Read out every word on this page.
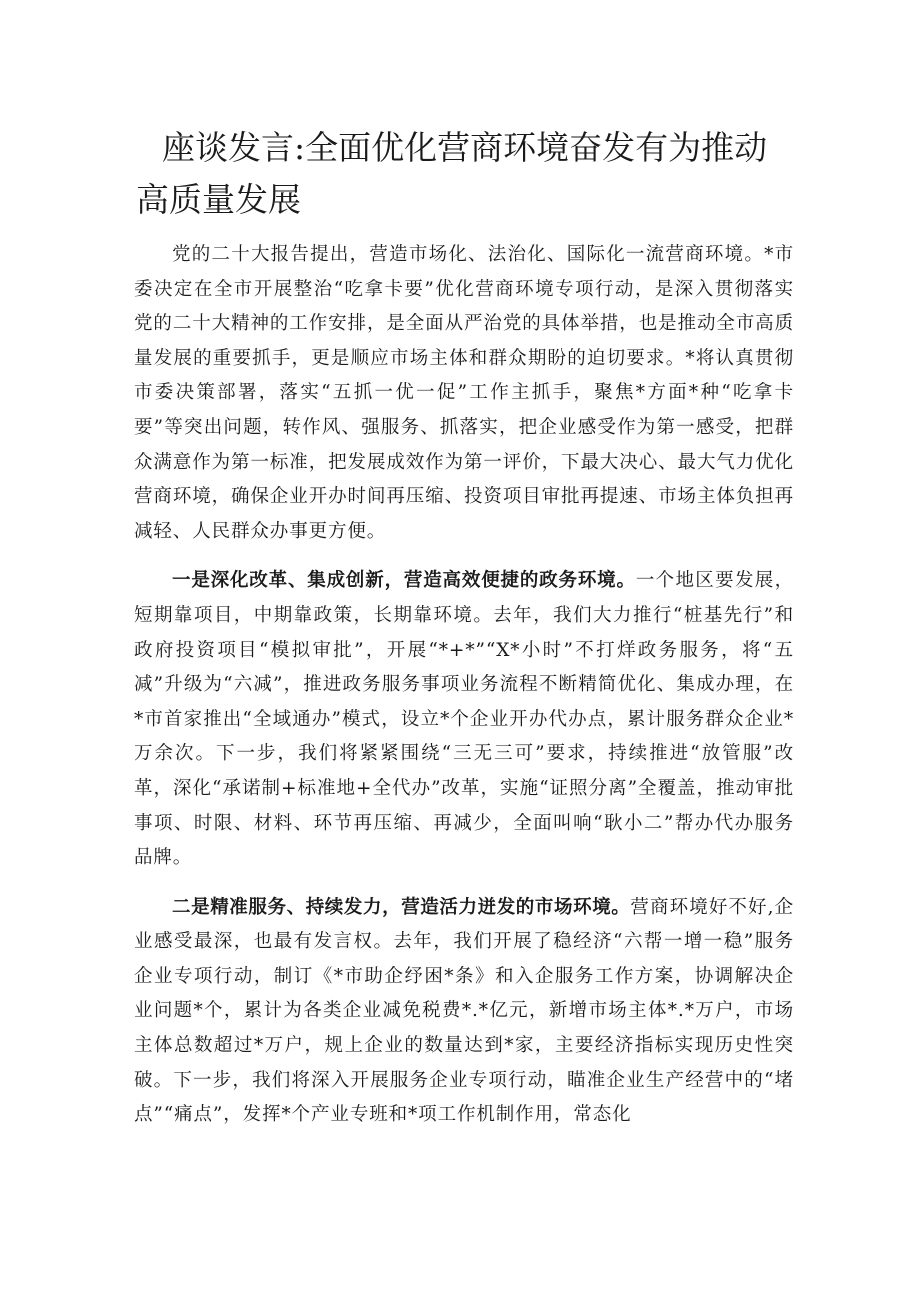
座谈发言:全面优化营商环境奋发有为推动高质量发展

党的二十大报告提出，营造市场化、法治化、国际化一流营商环境。*市委决定在全市开展整治“吃拿卡要”优化营商环境专项行动，是深入贯彻落实党的二十大精神的工作安排，是全面从严治党的具体举措，也是推动全市高质量发展的重要抓手，更是顺应市场主体和群众期盼的迫切要求。*将认真贯彻市委决策部署，落实“五抓一优一促”工作主抓手，聚焦*方面*种“吃拿卡要”等突出问题，转作风、强服务、抓落实，把企业感受作为第一感受，把群众满意作为第一标准，把发展成效作为第一评价，下最大决心、最大气力优化营商环境，确保企业开办时间再压缩、投资项目审批再提速、市场主体负担再减轻、人民群众办事更方便。

一是深化改革、集成创新，营造高效便捷的政务环境。一个地区要发展，短期靠项目，中期靠政策，长期靠环境。去年，我们大力推行“桩基先行”和政府投资项目“模拟审批”，开展“*+*”“X*小时”不打烊政务服务，将“五减”升级为“六减”，推进政务服务事项业务流程不断精简优化、集成办理，在*市首家推出“全域通办”模式，设立*个企业开办代办点，累计服务群众企业*万余次。下一步，我们将紧紧围绕“三无三可”要求，持续推进“放管服”改革，深化“承诺制+标准地+全代办”改革，实施“证照分离”全覆盖，推动审批事项、时限、材料、环节再压缩、再减少，全面叫响“耿小二”帮办代办服务品牌。

二是精准服务、持续发力，营造活力迸发的市场环境。营商环境好不好,企业感受最深，也最有发言权。去年，我们开展了稳经济“六帮一增一稳”服务企业专项行动，制订《*市助企纾困*条》和入企服务工作方案，协调解决企业问题*个，累计为各类企业减免税费*.*亿元，新增市场主体*.*万户，市场主体总数超过*万户，规上企业的数量达到*家，主要经济指标实现历史性突破。下一步，我们将深入开展服务企业专项行动，瞄准企业生产经营中的“堵点”“痛点”，发挥*个产业专班和*项工作机制作用，常态化
